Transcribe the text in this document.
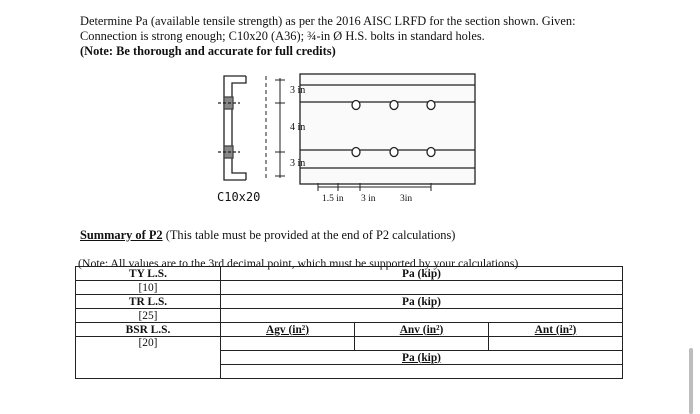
Determine Pa (available tensile strength) as per the 2016 AISC LRFD for the section shown. Given:
Connection is strong enough; C10x20 (A36); ¾-in Ø H.S. bolts in standard holes.
(Note: Be thorough and accurate for full credits)
3 in
4 in
3 in
C10x20	1.5 in 3 in	3in
Summary of P2 (This table must be provided at the end of P2 calculations)
(Note: All values are to the 3rd decimal point, which must be supported by your calculations)
TY L.S.	Pa (kip)		
[10]			
TR L.S.	Pa (kip)		
[25]			
BSR L.S.	Agv (in²)	Anv (in²)	Ant (in²)
[20]			
	Pa (kip)		
